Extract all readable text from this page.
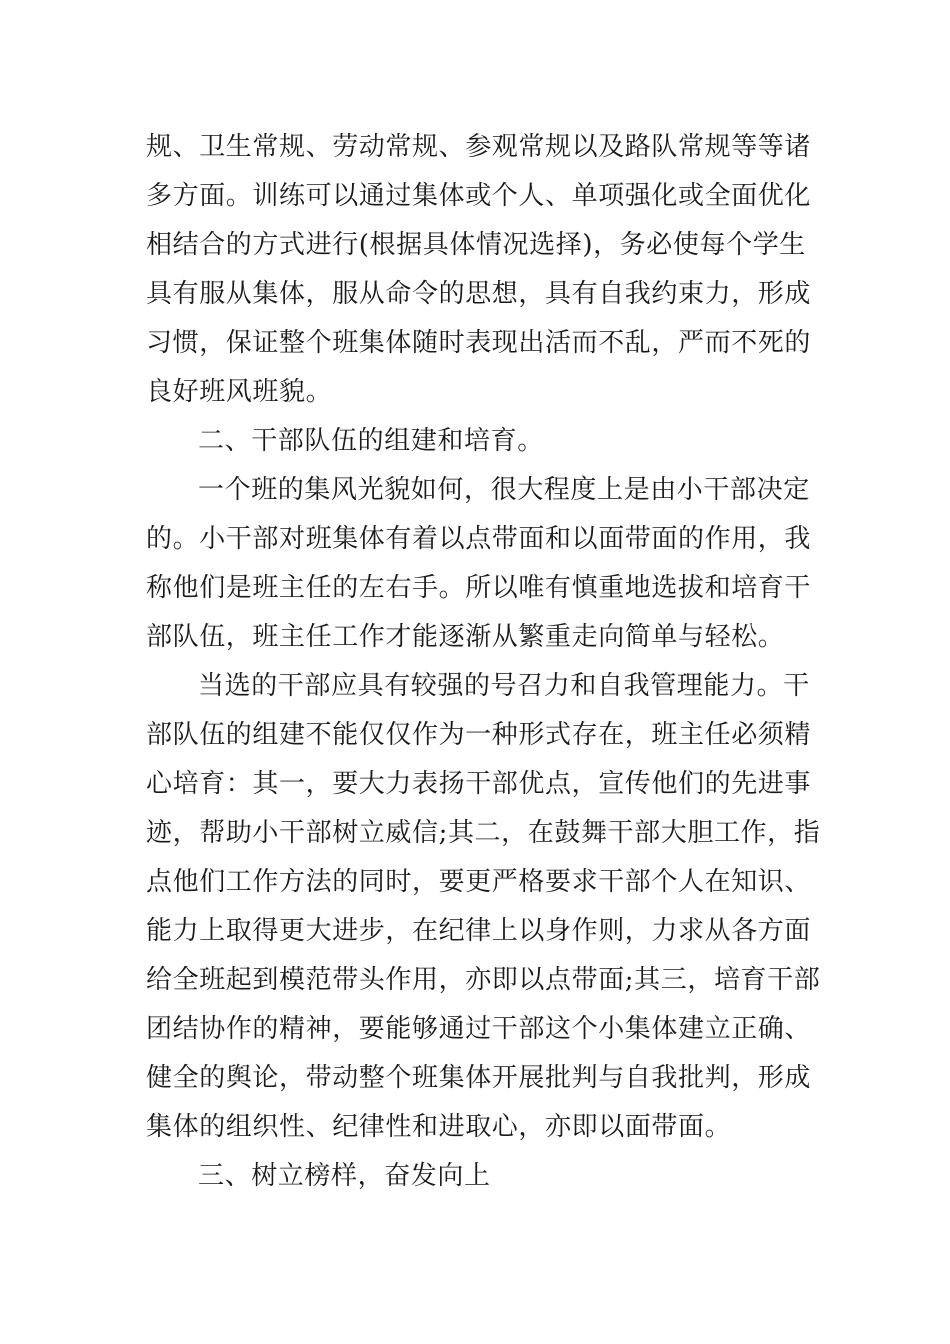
规、卫生常规、劳动常规、参观常规以及路队常规等等诸
多方面。训练可以通过集体或个人、单项强化或全面优化
相结合的方式进行(根据具体情况选择)，务必使每个学生
具有服从集体，服从命令的思想，具有自我约束力，形成
习惯，保证整个班集体随时表现出活而不乱，严而不死的
良好班风班貌。
二、干部队伍的组建和培育。
一个班的集风光貌如何，很大程度上是由小干部决定
的。小干部对班集体有着以点带面和以面带面的作用，我
称他们是班主任的左右手。所以唯有慎重地选拔和培育干
部队伍，班主任工作才能逐渐从繁重走向简单与轻松。
当选的干部应具有较强的号召力和自我管理能力。干
部队伍的组建不能仅仅作为一种形式存在，班主任必须精
心培育：其一，要大力表扬干部优点，宣传他们的先进事
迹，帮助小干部树立威信;其二，在鼓舞干部大胆工作，指
点他们工作方法的同时，要更严格要求干部个人在知识、
能力上取得更大进步，在纪律上以身作则，力求从各方面
给全班起到模范带头作用，亦即以点带面;其三，培育干部
团结协作的精神，要能够通过干部这个小集体建立正确、
健全的舆论，带动整个班集体开展批判与自我批判，形成
集体的组织性、纪律性和进取心，亦即以面带面。
三、树立榜样，奋发向上
